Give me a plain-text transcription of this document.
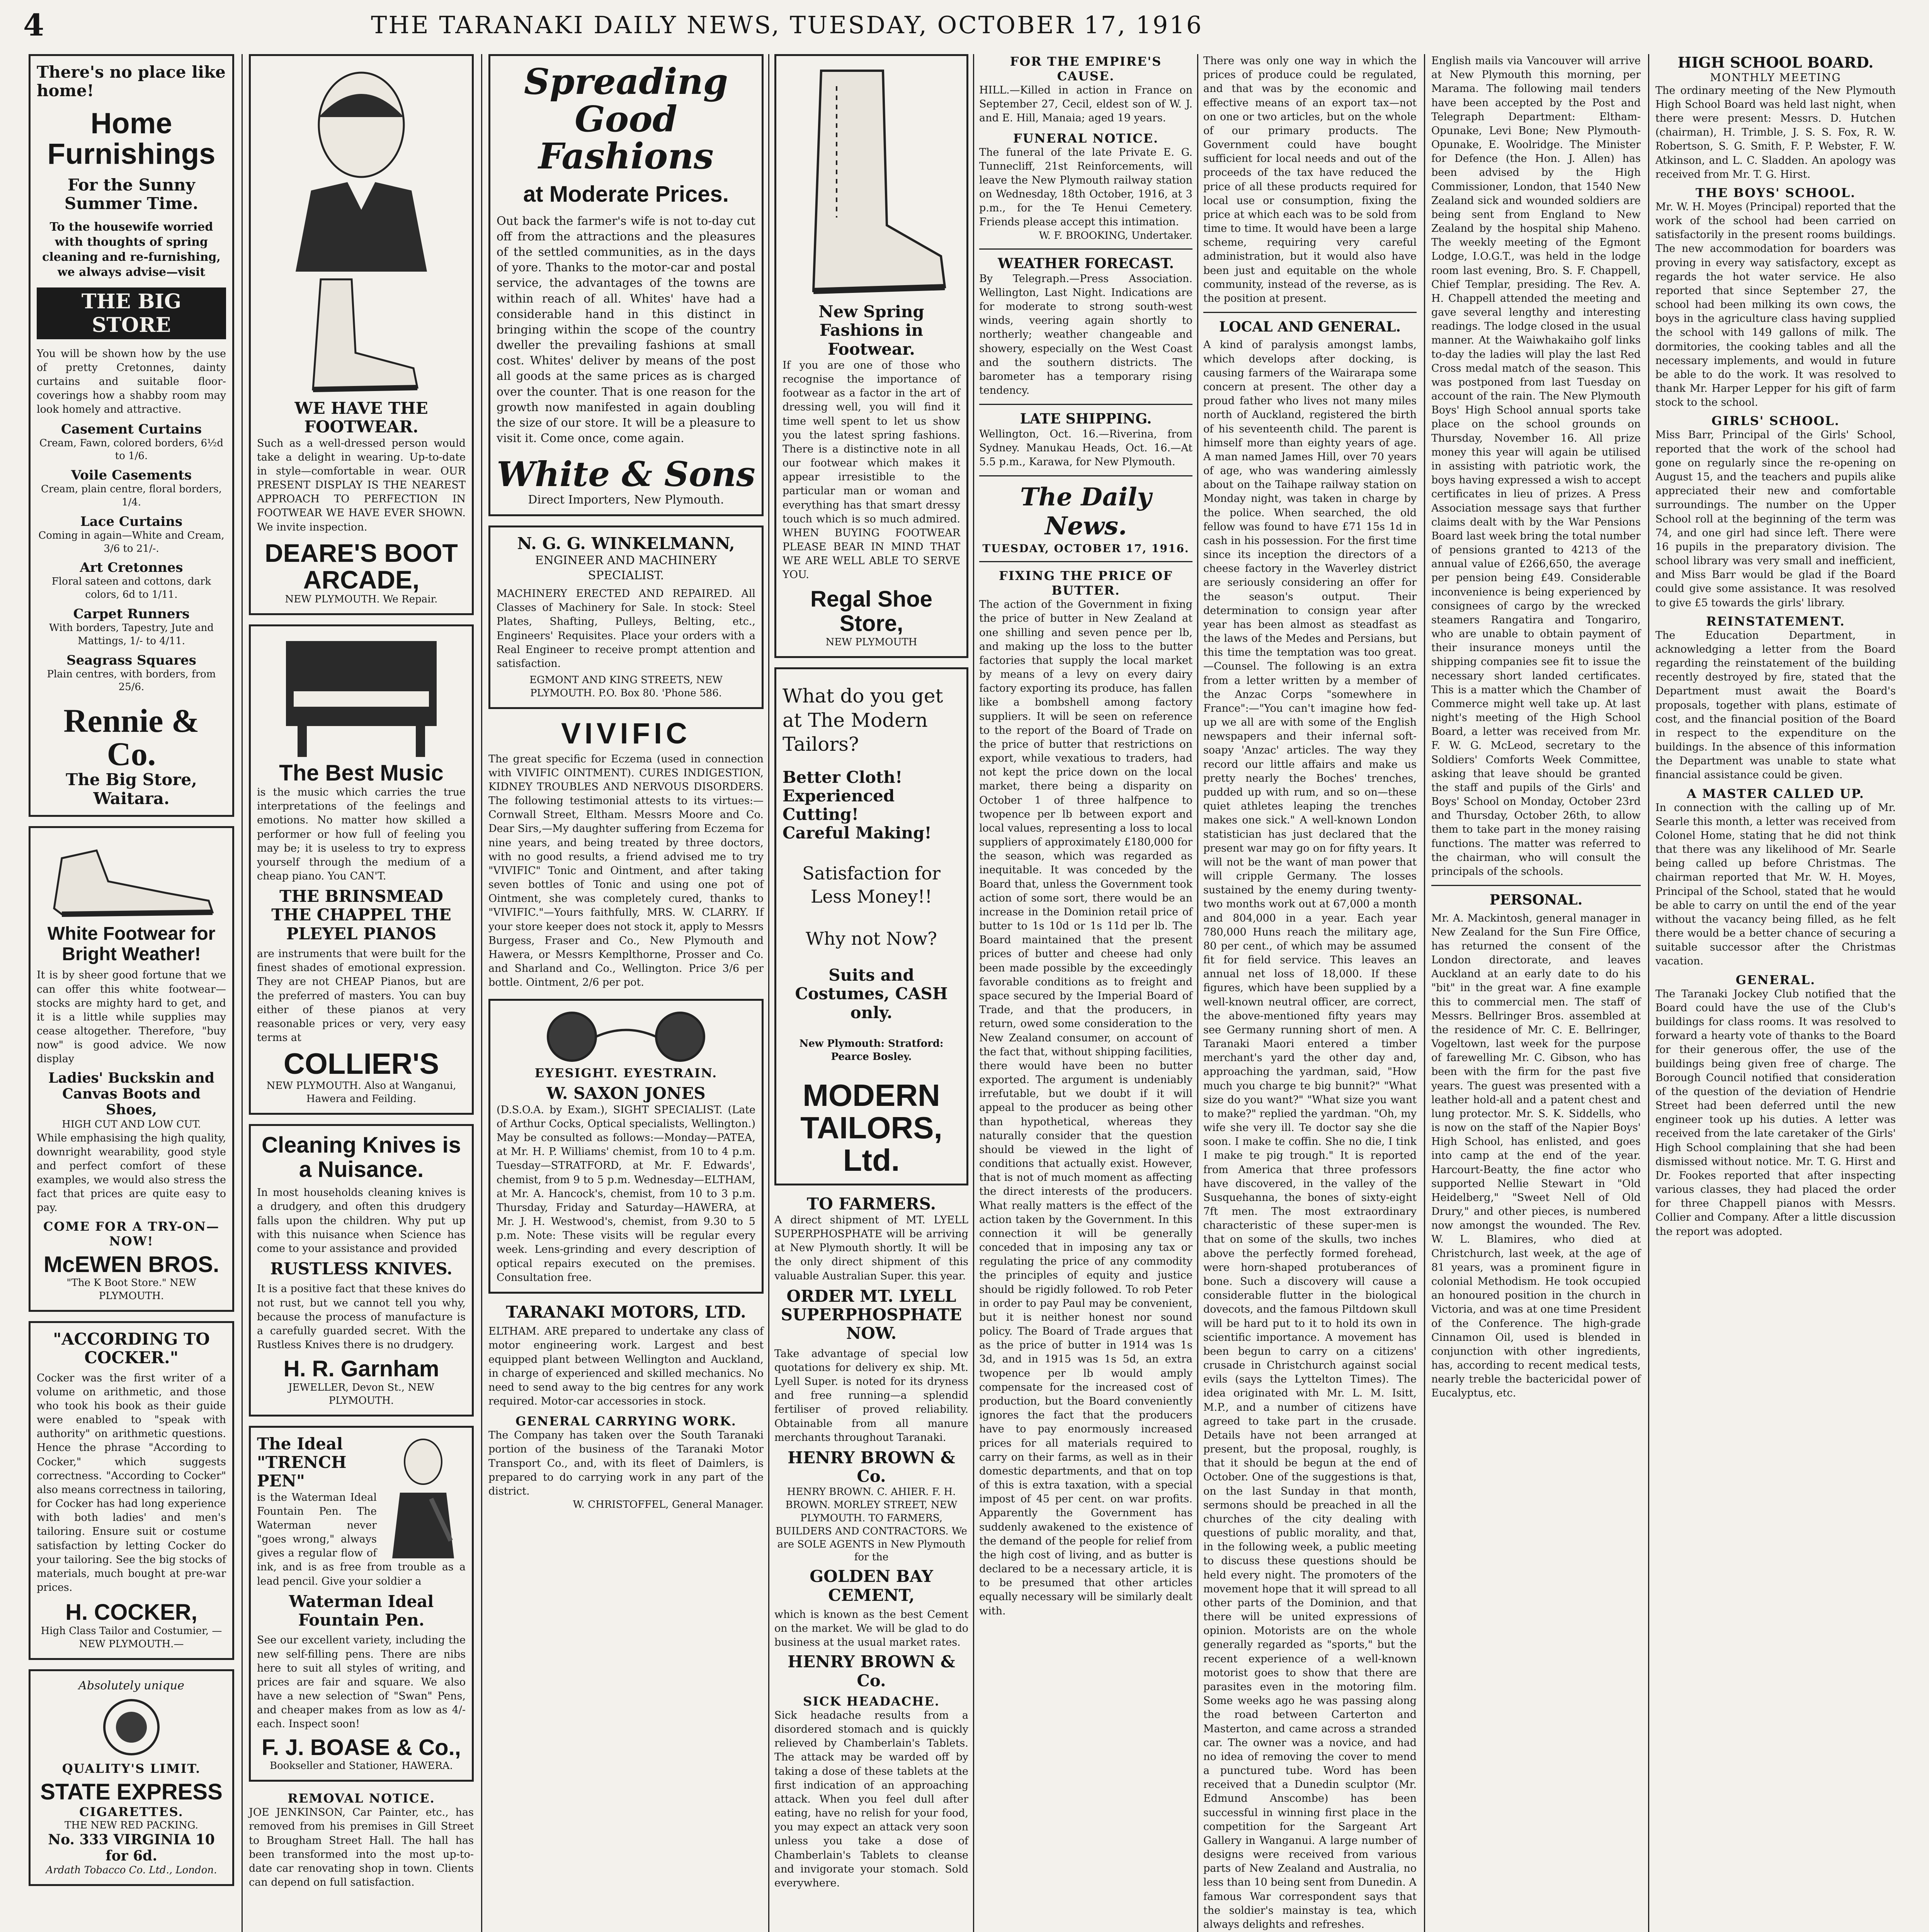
4	THE TARANAKI DAILY NEWS, TUESDAY, OCTOBER 17, 1916
There's no place like home!
Home Furnishings
For the Sunny Summer Time.
To the housewife worried with thoughts of spring cleaning and re-furnishing, we always advise—visit
THE BIG STORE
You will be shown how by the use of pretty Cretonnes, dainty curtains and suitable floor-coverings how a shabby room may look homely and attractive.
Casement Curtains
Cream, Fawn, colored borders, 6½d to 1/6.
Voile Casements
Cream, plain centre, floral borders, 1/4.
Lace Curtains
Coming in again—White and Cream, 3/6 to 21/-.
Art Cretonnes
Floral sateen and cottons, dark colors, 6d to 1/11.
Carpet Runners
With borders, Tapestry, Jute and Mattings, 1/- to 4/11.
Seagrass Squares
Plain centres, with borders, from 25/6.
Rennie & Co.
The Big Store, Waitara.
White Footwear for Bright Weather!
It is by sheer good fortune that we can offer this white footwear—stocks are mighty hard to get, and it is a little while supplies may cease altogether. Therefore, "buy now" is good advice. We now display
Ladies' Buckskin and Canvas Boots and Shoes,
HIGH CUT AND LOW CUT.
While emphasising the high quality, downright wearability, good style and perfect comfort of these examples, we would also stress the fact that prices are quite easy to pay.
COME FOR A TRY-ON—NOW!
McEWEN BROS.
"The K Boot Store." NEW PLYMOUTH.
"ACCORDING TO COCKER."
Cocker was the first writer of a volume on arithmetic, and those who took his book as their guide were enabled to "speak with authority" on arithmetic questions. Hence the phrase "According to Cocker," which suggests correctness. "According to Cocker" also means correctness in tailoring, for Cocker has had long experience with both ladies' and men's tailoring. Ensure suit or costume satisfaction by letting Cocker do your tailoring. See the big stocks of materials, much bought at pre-war prices.
H. COCKER,
High Class Tailor and Costumier, —NEW PLYMOUTH.—
Absolutely unique
QUALITY'S LIMIT.
STATE EXPRESS
CIGARETTES.
THE NEW RED PACKING.
No. 333 VIRGINIA 10 for 6d.
Ardath Tobacco Co. Ltd., London.
WE HAVE THE FOOTWEAR.
Such as a well-dressed person would take a delight in wearing. Up-to-date in style—comfortable in wear. OUR PRESENT DISPLAY IS THE NEAREST APPROACH TO PERFECTION IN FOOTWEAR WE HAVE EVER SHOWN. We invite inspection.
DEARE'S BOOT ARCADE,
NEW PLYMOUTH. We Repair.
The Best Music
is the music which carries the true interpretations of the feelings and emotions. No matter how skilled a performer or how full of feeling you may be; it is useless to try to express yourself through the medium of a cheap piano. You CAN'T.
THE BRINSMEAD THE CHAPPEL THE PLEYEL PIANOS
are instruments that were built for the finest shades of emotional expression. They are not CHEAP Pianos, but are the preferred of masters. You can buy either of these pianos at very reasonable prices or very, very easy terms at
COLLIER'S
NEW PLYMOUTH. Also at Wanganui, Hawera and Feilding.
Cleaning Knives is a Nuisance.
In most households cleaning knives is a drudgery, and often this drudgery falls upon the children. Why put up with this nuisance when Science has come to your assistance and provided
RUSTLESS KNIVES.
It is a positive fact that these knives do not rust, but we cannot tell you why, because the process of manufacture is a carefully guarded secret. With the Rustless Knives there is no drudgery.
H. R. Garnham
JEWELLER, Devon St., NEW PLYMOUTH.
The Ideal "TRENCH PEN"
is the Waterman Ideal Fountain Pen. The Waterman never "goes wrong," always gives a regular flow of ink, and is as free from trouble as a lead pencil. Give your soldier a
Waterman Ideal Fountain Pen.
See our excellent variety, including the new self-filling pens. There are nibs here to suit all styles of writing, and prices are fair and square. We also have a new selection of "Swan" Pens, and cheaper makes from as low as 4/- each. Inspect soon!
F. J. BOASE & Co.,
Bookseller and Stationer, HAWERA.
REMOVAL NOTICE.
JOE JENKINSON, Car Painter, etc., has removed from his premises in Gill Street to Brougham Street Hall. The hall has been transformed into the most up-to-date car renovating shop in town. Clients can depend on full satisfaction.
Spreading Good Fashions
at Moderate Prices.
Out back the farmer's wife is not to-day cut off from the attractions and the pleasures of the settled communities, as in the days of yore. Thanks to the motor-car and postal service, the advantages of the towns are within reach of all. Whites' have had a considerable hand in this distinct in bringing within the scope of the country dweller the prevailing fashions at small cost. Whites' deliver by means of the post all goods at the same prices as is charged over the counter. That is one reason for the growth now manifested in again doubling the size of our store. It will be a pleasure to visit it. Come once, come again.
White & Sons
Direct Importers, New Plymouth.
N. G. G. WINKELMANN,
ENGINEER AND MACHINERY SPECIALIST.
MACHINERY ERECTED AND REPAIRED. All Classes of Machinery for Sale. In stock: Steel Plates, Shafting, Pulleys, Belting, etc., Engineers' Requisites. Place your orders with a Real Engineer to receive prompt attention and satisfaction.
EGMONT AND KING STREETS, NEW PLYMOUTH. P.O. Box 80. 'Phone 586.
VIVIFIC
The great specific for Eczema (used in connection with VIVIFIC OINTMENT). CURES INDIGESTION, KIDNEY TROUBLES AND NERVOUS DISORDERS. The following testimonial attests to its virtues:— Cornwall Street, Eltham. Messrs Moore and Co. Dear Sirs,—My daughter suffering from Eczema for nine years, and being treated by three doctors, with no good results, a friend advised me to try "VIVIFIC" Tonic and Ointment, and after taking seven bottles of Tonic and using one pot of Ointment, she was completely cured, thanks to "VIVIFIC."—Yours faithfully, MRS. W. CLARRY. If your store keeper does not stock it, apply to Messrs Burgess, Fraser and Co., New Plymouth and Hawera, or Messrs Kemplthorne, Prosser and Co. and Sharland and Co., Wellington. Price 3/6 per bottle. Ointment, 2/6 per pot.
EYESIGHT. EYESTRAIN.
W. SAXON JONES
(D.S.O.A. by Exam.), SIGHT SPECIALIST. (Late of Arthur Cocks, Optical specialists, Wellington.) May be consulted as follows:—Monday—PATEA, at Mr. H. P. Williams' chemist, from 10 to 4 p.m. Tuesday—STRATFORD, at Mr. F. Edwards', chemist, from 9 to 5 p.m. Wednesday—ELTHAM, at Mr. A. Hancock's, chemist, from 10 to 3 p.m. Thursday, Friday and Saturday—HAWERA, at Mr. J. H. Westwood's, chemist, from 9.30 to 5 p.m. Note: These visits will be regular every week. Lens-grinding and every description of optical repairs executed on the premises. Consultation free.
TARANAKI MOTORS, LTD.
ELTHAM. ARE prepared to undertake any class of motor engineering work. Largest and best equipped plant between Wellington and Auckland, in charge of experienced and skilled mechanics. No need to send away to the big centres for any work required. Motor-car accessories in stock.
GENERAL CARRYING WORK.
The Company has taken over the South Taranaki portion of the business of the Taranaki Motor Transport Co., and, with its fleet of Daimlers, is prepared to do carrying work in any part of the district.
W. CHRISTOFFEL, General Manager.
New Spring Fashions in Footwear.
If you are one of those who recognise the importance of footwear as a factor in the art of dressing well, you will find it time well spent to let us show you the latest spring fashions. There is a distinctive note in all our footwear which makes it appear irresistible to the particular man or woman and everything has that smart dressy touch which is so much admired. WHEN BUYING FOOTWEAR PLEASE BEAR IN MIND THAT WE ARE WELL ABLE TO SERVE YOU.
Regal Shoe Store,
NEW PLYMOUTH
What do you get at The Modern Tailors?
Better Cloth!
Experienced Cutting!
Careful Making!
Satisfaction for Less Money!!
Why not Now?
Suits and Costumes, CASH only.
New Plymouth: Stratford: Pearce Bosley.
MODERN TAILORS, Ltd.
TO FARMERS.
A direct shipment of MT. LYELL SUPERPHOSPHATE will be arriving at New Plymouth shortly. It will be the only direct shipment of this valuable Australian Super. this year.
ORDER MT. LYELL SUPERPHOSPHATE NOW.
Take advantage of special low quotations for delivery ex ship. Mt. Lyell Super. is noted for its dryness and free running—a splendid fertiliser of proved reliability. Obtainable from all manure merchants throughout Taranaki.
HENRY BROWN & Co.
HENRY BROWN. C. AHIER. F. H. BROWN. MORLEY STREET, NEW PLYMOUTH. TO FARMERS, BUILDERS AND CONTRACTORS. We are SOLE AGENTS in New Plymouth for the
GOLDEN BAY CEMENT,
which is known as the best Cement on the market. We will be glad to do business at the usual market rates.
HENRY BROWN & Co.
SICK HEADACHE.
Sick headache results from a disordered stomach and is quickly relieved by Chamberlain's Tablets. The attack may be warded off by taking a dose of these tablets at the first indication of an approaching attack. When you feel dull after eating, have no relish for your food, you may expect an attack very soon unless you take a dose of Chamberlain's Tablets to cleanse and invigorate your stomach. Sold everywhere.
FOR THE EMPIRE'S CAUSE.
HILL.—Killed in action in France on September 27, Cecil, eldest son of W. J. and E. Hill, Manaia; aged 19 years.
FUNERAL NOTICE.
The funeral of the late Private E. G. Tunnecliff, 21st Reinforcements, will leave the New Plymouth railway station on Wednesday, 18th October, 1916, at 3 p.m., for the Te Henui Cemetery. Friends please accept this intimation.
W. F. BROOKING, Undertaker.
WEATHER FORECAST.
By Telegraph.—Press Association. Wellington, Last Night. Indications are for moderate to strong south-west winds, veering again shortly to northerly; weather changeable and showery, especially on the West Coast and the southern districts. The barometer has a temporary rising tendency.
LATE SHIPPING.
Wellington, Oct. 16.—Riverina, from Sydney. Manukau Heads, Oct. 16.—At 5.5 p.m., Karawa, for New Plymouth.
The Daily News.
TUESDAY, OCTOBER 17, 1916.
FIXING THE PRICE OF BUTTER.
The action of the Government in fixing the price of butter in New Zealand at one shilling and seven pence per lb, and making up the loss to the butter factories that supply the local market by means of a levy on every dairy factory exporting its produce, has fallen like a bombshell among factory suppliers. It will be seen on reference to the report of the Board of Trade on the price of butter that restrictions on export, while vexatious to traders, had not kept the price down on the local market, there being a disparity on October 1 of three halfpence to twopence per lb between export and local values, representing a loss to local suppliers of approximately £180,000 for the season, which was regarded as inequitable. It was conceded by the Board that, unless the Government took action of some sort, there would be an increase in the Dominion retail price of butter to 1s 10d or 1s 11d per lb. The Board maintained that the present prices of butter and cheese had only been made possible by the exceedingly favorable conditions as to freight and space secured by the Imperial Board of Trade, and that the producers, in return, owed some consideration to the New Zealand consumer, on account of the fact that, without shipping facilities, there would have been no butter exported. The argument is undeniably irrefutable, but we doubt if it will appeal to the producer as being other than hypothetical, whereas they naturally consider that the question should be viewed in the light of conditions that actually exist. However, that is not of much moment as affecting the direct interests of the producers. What really matters is the effect of the action taken by the Government. In this connection it will be generally conceded that in imposing any tax or regulating the price of any commodity the principles of equity and justice should be rigidly followed. To rob Peter in order to pay Paul may be convenient, but it is neither honest nor sound policy. The Board of Trade argues that as the price of butter in 1914 was 1s 3d, and in 1915 was 1s 5d, an extra twopence per lb would amply compensate for the increased cost of production, but the Board conveniently ignores the fact that the producers have to pay enormously increased prices for all materials required to carry on their farms, as well as in their domestic departments, and that on top of this is extra taxation, with a special impost of 45 per cent. on war profits. Apparently the Government has suddenly awakened to the existence of the demand of the people for relief from the high cost of living, and as butter is declared to be a necessary article, it is to be presumed that other articles equally necessary will be similarly dealt with.
There was only one way in which the prices of produce could be regulated, and that was by the economic and effective means of an export tax—not on one or two articles, but on the whole of our primary products. The Government could have bought sufficient for local needs and out of the proceeds of the tax have reduced the price of all these products required for local use or consumption, fixing the price at which each was to be sold from time to time. It would have been a large scheme, requiring very careful administration, but it would also have been just and equitable on the whole community, instead of the reverse, as is the position at present.
LOCAL AND GENERAL.
A kind of paralysis amongst lambs, which develops after docking, is causing farmers of the Wairarapa some concern at present. The other day a proud father who lives not many miles north of Auckland, registered the birth of his seventeenth child. The parent is himself more than eighty years of age. A man named James Hill, over 70 years of age, who was wandering aimlessly about on the Taihape railway station on Monday night, was taken in charge by the police. When searched, the old fellow was found to have £71 15s 1d in cash in his possession. For the first time since its inception the directors of a cheese factory in the Waverley district are seriously considering an offer for the season's output. Their determination to consign year after year has been almost as steadfast as the laws of the Medes and Persians, but this time the temptation was too great.—Counsel. The following is an extra from a letter written by a member of the Anzac Corps "somewhere in France":—"You can't imagine how fed-up we all are with some of the English newspapers and their infernal soft-soapy 'Anzac' articles. The way they record our little affairs and make us pretty nearly the Boches' trenches, pudded up with rum, and so on—these quiet athletes leaping the trenches makes one sick." A well-known London statistician has just declared that the present war may go on for fifty years. It will not be the want of man power that will cripple Germany. The losses sustained by the enemy during twenty-two months work out at 67,000 a month and 804,000 in a year. Each year 780,000 Huns reach the military age, 80 per cent., of which may be assumed fit for field service. This leaves an annual net loss of 18,000. If these figures, which have been supplied by a well-known neutral officer, are correct, the above-mentioned fifty years may see Germany running short of men. A Taranaki Maori entered a timber merchant's yard the other day and, approaching the yardman, said, "How much you charge te big bunnit?" "What size do you want?" "What size you want to make?" replied the yardman. "Oh, my wife she very ill. Te doctor say she die soon. I make te coffin. She no die, I tink I make te pig trough." It is reported from America that three professors have discovered, in the valley of the Susquehanna, the bones of sixty-eight 7ft men. The most extraordinary characteristic of these super-men is that on some of the skulls, two inches above the perfectly formed forehead, were horn-shaped protuberances of bone. Such a discovery will cause a considerable flutter in the biological dovecots, and the famous Piltdown skull will be hard put to it to hold its own in scientific importance. A movement has been begun to carry on a citizens' crusade in Christchurch against social evils (says the Lyttelton Times). The idea originated with Mr. L. M. Isitt, M.P., and a number of citizens have agreed to take part in the crusade. Details have not been arranged at present, but the proposal, roughly, is that it should be begun at the end of October. One of the suggestions is that, on the last Sunday in that month, sermons should be preached in all the churches of the city dealing with questions of public morality, and that, in the following week, a public meeting to discuss these questions should be held every night. The promoters of the movement hope that it will spread to all other parts of the Dominion, and that there will be united expressions of opinion. Motorists are on the whole generally regarded as "sports," but the recent experience of a well-known motorist goes to show that there are parasites even in the motoring film. Some weeks ago he was passing along the road between Carterton and Masterton, and came across a stranded car. The owner was a novice, and had no idea of removing the cover to mend a punctured tube. Word has been received that a Dunedin sculptor (Mr. Edmund Anscombe) has been successful in winning first place in the competition for the Sargeant Art Gallery in Wanganui. A large number of designs were received from various parts of New Zealand and Australia, no less than 10 being sent from Dunedin. A famous War correspondent says that the soldier's mainstay is tea, which always delights and refreshes.
English mails via Vancouver will arrive at New Plymouth this morning, per Marama. The following mail tenders have been accepted by the Post and Telegraph Department: Eltham-Opunake, Levi Bone; New Plymouth-Opunake, E. Woolridge. The Minister for Defence (the Hon. J. Allen) has been advised by the High Commissioner, London, that 1540 New Zealand sick and wounded soldiers are being sent from England to New Zealand by the hospital ship Maheno. The weekly meeting of the Egmont Lodge, I.O.G.T., was held in the lodge room last evening, Bro. S. F. Chappell, Chief Templar, presiding. The Rev. A. H. Chappell attended the meeting and gave several lengthy and interesting readings. The lodge closed in the usual manner. At the Waiwhakaiho golf links to-day the ladies will play the last Red Cross medal match of the season. This was postponed from last Tuesday on account of the rain. The New Plymouth Boys' High School annual sports take place on the school grounds on Thursday, November 16. All prize money this year will again be utilised in assisting with patriotic work, the boys having expressed a wish to accept certificates in lieu of prizes. A Press Association message says that further claims dealt with by the War Pensions Board last week bring the total number of pensions granted to 4213 of the annual value of £266,650, the average per pension being £49. Considerable inconvenience is being experienced by consignees of cargo by the wrecked steamers Rangatira and Tongariro, who are unable to obtain payment of their insurance moneys until the shipping companies see fit to issue the necessary short landed certificates. This is a matter which the Chamber of Commerce might well take up. At last night's meeting of the High School Board, a letter was received from Mr. F. W. G. McLeod, secretary to the Soldiers' Comforts Week Committee, asking that leave should be granted the staff and pupils of the Girls' and Boys' School on Monday, October 23rd and Thursday, October 26th, to allow them to take part in the money raising functions. The matter was referred to the chairman, who will consult the principals of the schools.
PERSONAL.
Mr. A. Mackintosh, general manager in New Zealand for the Sun Fire Office, has returned the consent of the London directorate, and leaves Auckland at an early date to do his "bit" in the great war. A fine example this to commercial men. The staff of Messrs. Bellringer Bros. assembled at the residence of Mr. C. E. Bellringer, Vogeltown, last week for the purpose of farewelling Mr. C. Gibson, who has been with the firm for the past five years. The guest was presented with a leather hold-all and a patent chest and lung protector. Mr. S. K. Siddells, who is now on the staff of the Napier Boys' High School, has enlisted, and goes into camp at the end of the year. Harcourt-Beatty, the fine actor who supported Nellie Stewart in "Old Heidelberg," "Sweet Nell of Old Drury," and other pieces, is numbered now amongst the wounded. The Rev. W. L. Blamires, who died at Christchurch, last week, at the age of 81 years, was a prominent figure in colonial Methodism. He took occupied an honoured position in the church in Victoria, and was at one time President of the Conference. The high-grade Cinnamon Oil, used is blended in conjunction with other ingredients, has, according to recent medical tests, nearly treble the bactericidal power of Eucalyptus, etc.
HIGH SCHOOL BOARD.
MONTHLY MEETING
The ordinary meeting of the New Plymouth High School Board was held last night, when there were present: Messrs. D. Hutchen (chairman), H. Trimble, J. S. S. Fox, R. W. Robertson, S. G. Smith, F. P. Webster, F. W. Atkinson, and L. C. Sladden. An apology was received from Mr. T. G. Hirst.
THE BOYS' SCHOOL.
Mr. W. H. Moyes (Principal) reported that the work of the school had been carried on satisfactorily in the present rooms buildings. The new accommodation for boarders was proving in every way satisfactory, except as regards the hot water service. He also reported that since September 27, the school had been milking its own cows, the boys in the agriculture class having supplied the school with 149 gallons of milk. The dormitories, the cooking tables and all the necessary implements, and would in future be able to do the work. It was resolved to thank Mr. Harper Lepper for his gift of farm stock to the school.
GIRLS' SCHOOL.
Miss Barr, Principal of the Girls' School, reported that the work of the school had gone on regularly since the re-opening on August 15, and the teachers and pupils alike appreciated their new and comfortable surroundings. The number on the Upper School roll at the beginning of the term was 74, and one girl had since left. There were 16 pupils in the preparatory division. The school library was very small and inefficient, and Miss Barr would be glad if the Board could give some assistance. It was resolved to give £5 towards the girls' library.
REINSTATEMENT.
The Education Department, in acknowledging a letter from the Board regarding the reinstatement of the building recently destroyed by fire, stated that the Department must await the Board's proposals, together with plans, estimate of cost, and the financial position of the Board in respect to the expenditure on the buildings. In the absence of this information the Department was unable to state what financial assistance could be given.
A MASTER CALLED UP.
In connection with the calling up of Mr. Searle this month, a letter was received from Colonel Home, stating that he did not think that there was any likelihood of Mr. Searle being called up before Christmas. The chairman reported that Mr. W. H. Moyes, Principal of the School, stated that he would be able to carry on until the end of the year without the vacancy being filled, as he felt there would be a better chance of securing a suitable successor after the Christmas vacation.
GENERAL.
The Taranaki Jockey Club notified that the Board could have the use of the Club's buildings for class rooms. It was resolved to forward a hearty vote of thanks to the Board for their generous offer, the use of the buildings being given free of charge. The Borough Council notified that consideration of the question of the deviation of Hendrie Street had been deferred until the new engineer took up his duties. A letter was received from the late caretaker of the Girls' High School complaining that she had been dismissed without notice. Mr. T. G. Hirst and Dr. Fookes reported that after inspecting various classes, they had placed the order for three Chappell pianos with Messrs. Collier and Company. After a little discussion the report was adopted.
